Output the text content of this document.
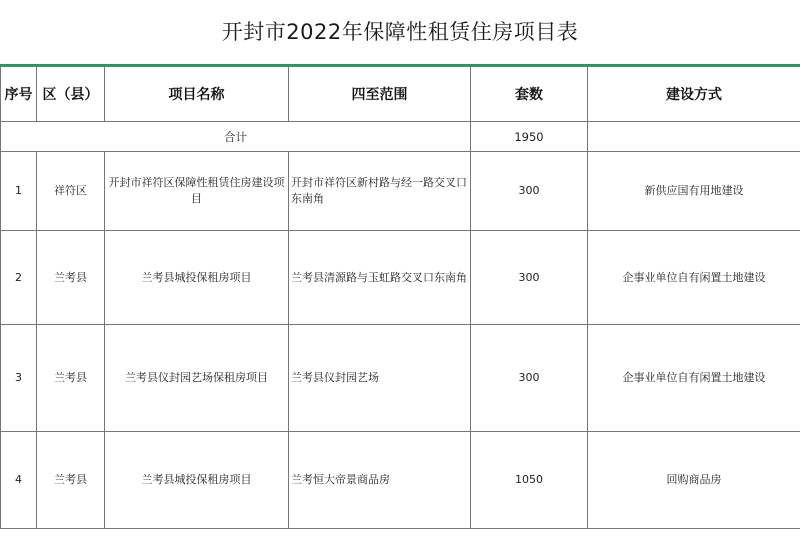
开封市2022年保障性租赁住房项目表
序号	区（县）	项目名称	四至范围	套数	建设方式
合计				1950	
1	祥符区	开封市祥符区保障性租赁住房建设项目	开封市祥符区新村路与经一路交叉口东南角	300	新供应国有用地建设
2	兰考县	兰考县城投保租房项目	兰考县清源路与玉虹路交叉口东南角	300	企事业单位自有闲置土地建设
3	兰考县	兰考县仪封园艺场保租房项目	兰考县仪封园艺场	300	企事业单位自有闲置土地建设
4	兰考县	兰考县城投保租房项目	兰考恒大帝景商品房	1050	回购商品房
